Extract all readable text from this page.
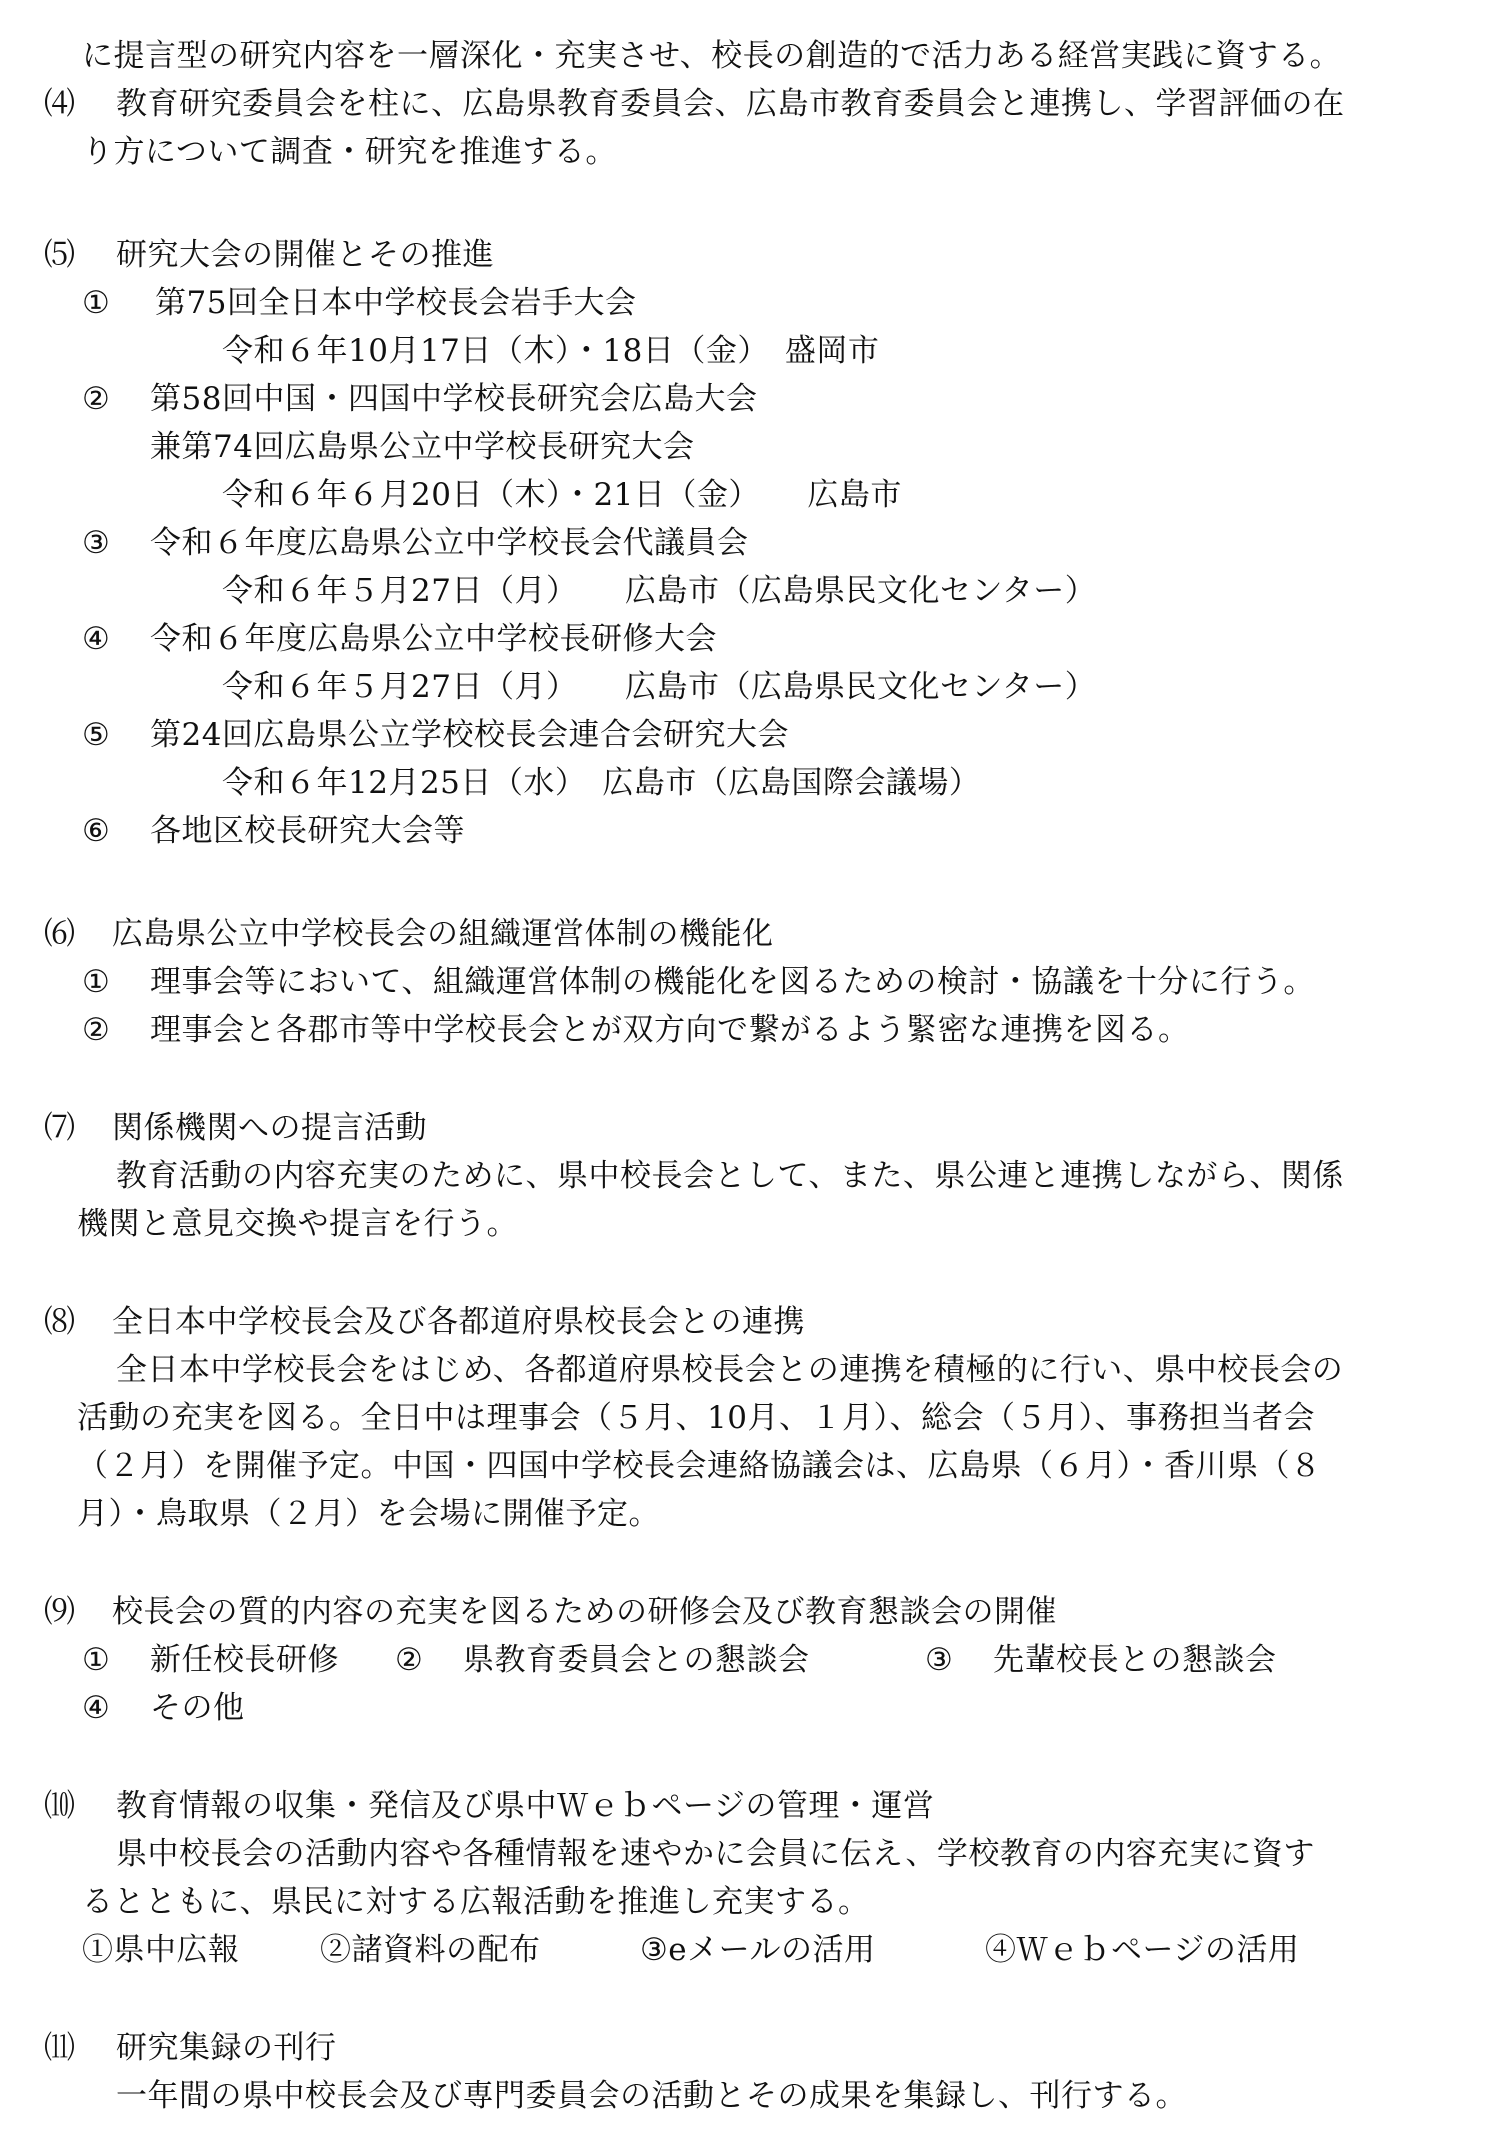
に提言型の研究内容を一層深化・充実させ、校長の創造的で活力ある経営実践に資する。
⑷ 教育研究委員会を柱に、広島県教育委員会、広島市教育委員会と連携し、学習評価の在
り方について調査・研究を推進する。
⑸ 研究大会の開催とその推進
① 第75回全日本中学校長会岩手大会
令和６年10月17日（木）・18日（金）　盛岡市
② 第58回中国・四国中学校長研究会広島大会
兼第74回広島県公立中学校長研究大会
令和６年６月20日（木）・21日（金）　　広島市
③ 令和６年度広島県公立中学校長会代議員会
令和６年５月27日（月）　　広島市（広島県民文化センター）
④ 令和６年度広島県公立中学校長研修大会
令和６年５月27日（月）　　広島市（広島県民文化センター）
⑤ 第24回広島県公立学校校長会連合会研究大会
令和６年12月25日（水）　広島市（広島国際会議場）
⑥ 各地区校長研究大会等
⑹ 広島県公立中学校長会の組織運営体制の機能化
① 理事会等において、組織運営体制の機能化を図るための検討・協議を十分に行う。
② 理事会と各郡市等中学校長会とが双方向で繋がるよう緊密な連携を図る。
⑺ 関係機関への提言活動
教育活動の内容充実のために、県中校長会として、また、県公連と連携しながら、関係
機関と意見交換や提言を行う。
⑻ 全日本中学校長会及び各都道府県校長会との連携
全日本中学校長会をはじめ、各都道府県校長会との連携を積極的に行い、県中校長会の
活動の充実を図る。全日中は理事会（５月、10月、１月）、総会（５月）、事務担当者会
（２月）を開催予定。中国・四国中学校長会連絡協議会は、広島県（６月）・香川県（８
月）・鳥取県（２月）を会場に開催予定。
⑼ 校長会の質的内容の充実を図るための研修会及び教育懇談会の開催
① 新任校長研修 ② 県教育委員会との懇談会	③ 先輩校長との懇談会
④ その他
⑽ 教育情報の収集・発信及び県中Ｗｅｂページの管理・運営
県中校長会の活動内容や各種情報を速やかに会員に伝え、学校教育の内容充実に資す
るとともに、県民に対する広報活動を推進し充実する。
①県中広報	②諸資料の配布	③eメールの活用	④Ｗｅｂページの活用
⑾ 研究集録の刊行
一年間の県中校長会及び専門委員会の活動とその成果を集録し、刊行する。
